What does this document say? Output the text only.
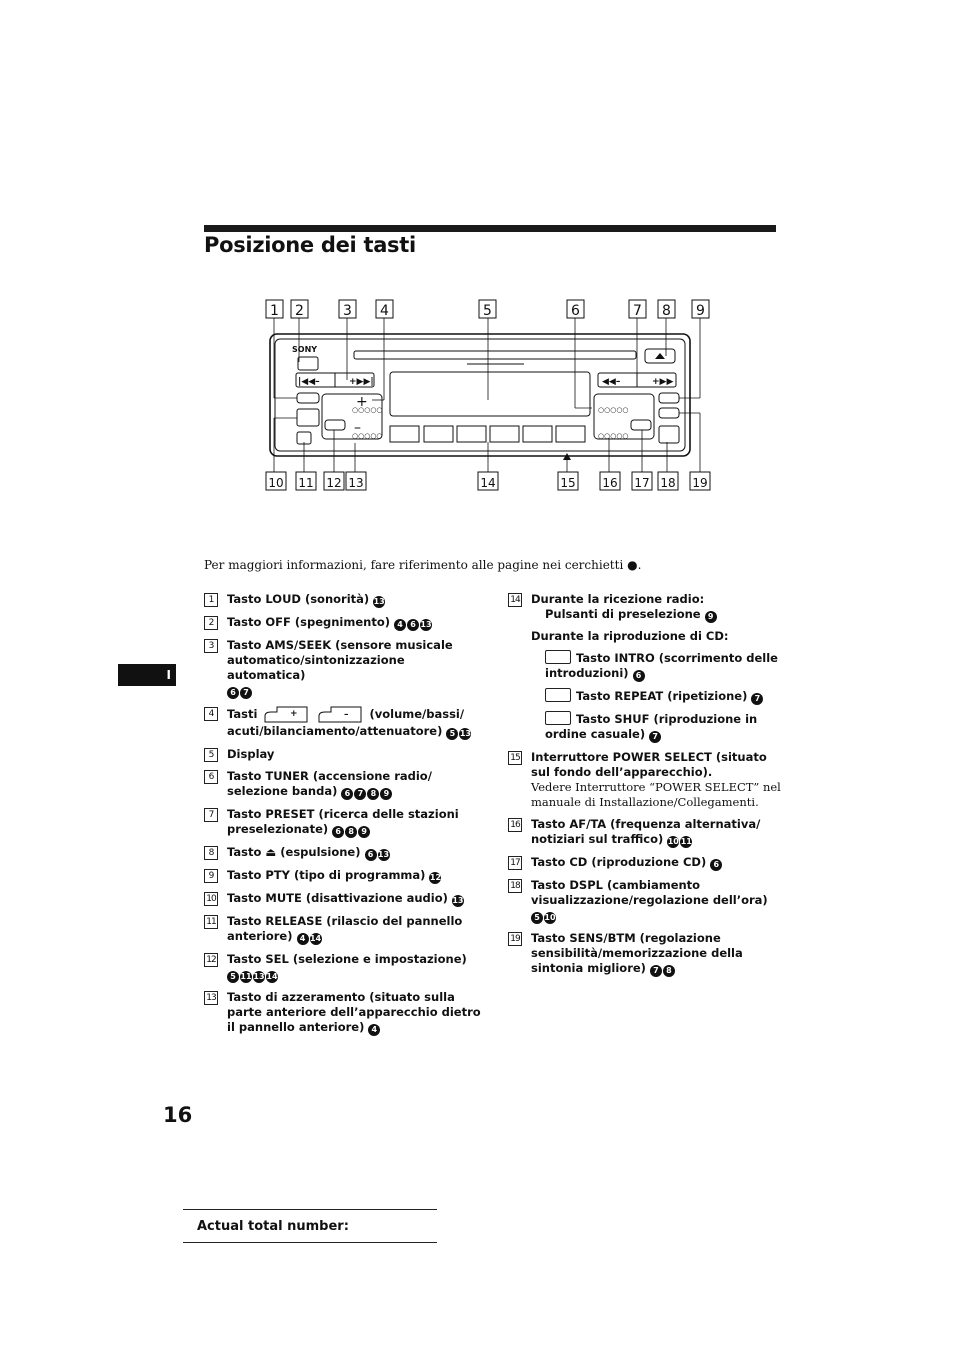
Posizione dei tasti
SONY
|◀◀–	+▶▶|	◀◀–	+▶▶
+
–
○○○○○
○○○○○
○○○○○
○○○○○
1 2	3 4	5	6	7 8 9
10 11 12 13	14	15 16 17 18 19
Per maggiori informazioni, fare riferimento alle pagine nei cerchietti ●.
I
1	Tasto LOUD (sonorità) 13
2	Tasto OFF (spegnimento) 4 6 13
3	Tasto AMS/SEEK (sensore musicale automatico/sintonizzazione automatica)
6 7
4	Tasti	+
	– (volume/bassi/ acuti/bilanciamento/attenuatore) 5 13
5	Display
6	Tasto TUNER (accensione radio/ selezione banda) 6 7 8 9
7	Tasto PRESET (ricerca delle stazioni preselezionate) 6 8 9
8	Tasto ⏏ (espulsione) 6 13
9	Tasto PTY (tipo di programma) 12
10 Tasto MUTE (disattivazione audio) 13
11 Tasto RELEASE (rilascio del pannello anteriore) 4 14
12 Tasto SEL (selezione e impostazione)
5 11 13 14
13 Tasto di azzeramento (situato sulla parte anteriore dell’apparecchio dietro il pannello anteriore) 4
14 Durante la ricezione radio:
Pulsanti di preselezione 9
Durante la riproduzione di CD:
Tasto INTRO (scorrimento delle introduzioni) 6
Tasto REPEAT (ripetizione) 7
Tasto SHUF (riproduzione in ordine casuale) 7
15 Interruttore POWER SELECT (situato sul fondo dell’apparecchio).
Vedere Interruttore “POWER SELECT” nel manuale di Installazione/Collegamenti.
16 Tasto AF/TA (frequenza alternativa/ notiziari sul traffico) 10 11
17 Tasto CD (riproduzione CD) 6
18 Tasto DSPL (cambiamento visualizzazione/regolazione dell’ora)
5 10
19 Tasto SENS/BTM (regolazione sensibilità/memorizzazione della sintonia migliore) 7 8
16
Actual total number:
